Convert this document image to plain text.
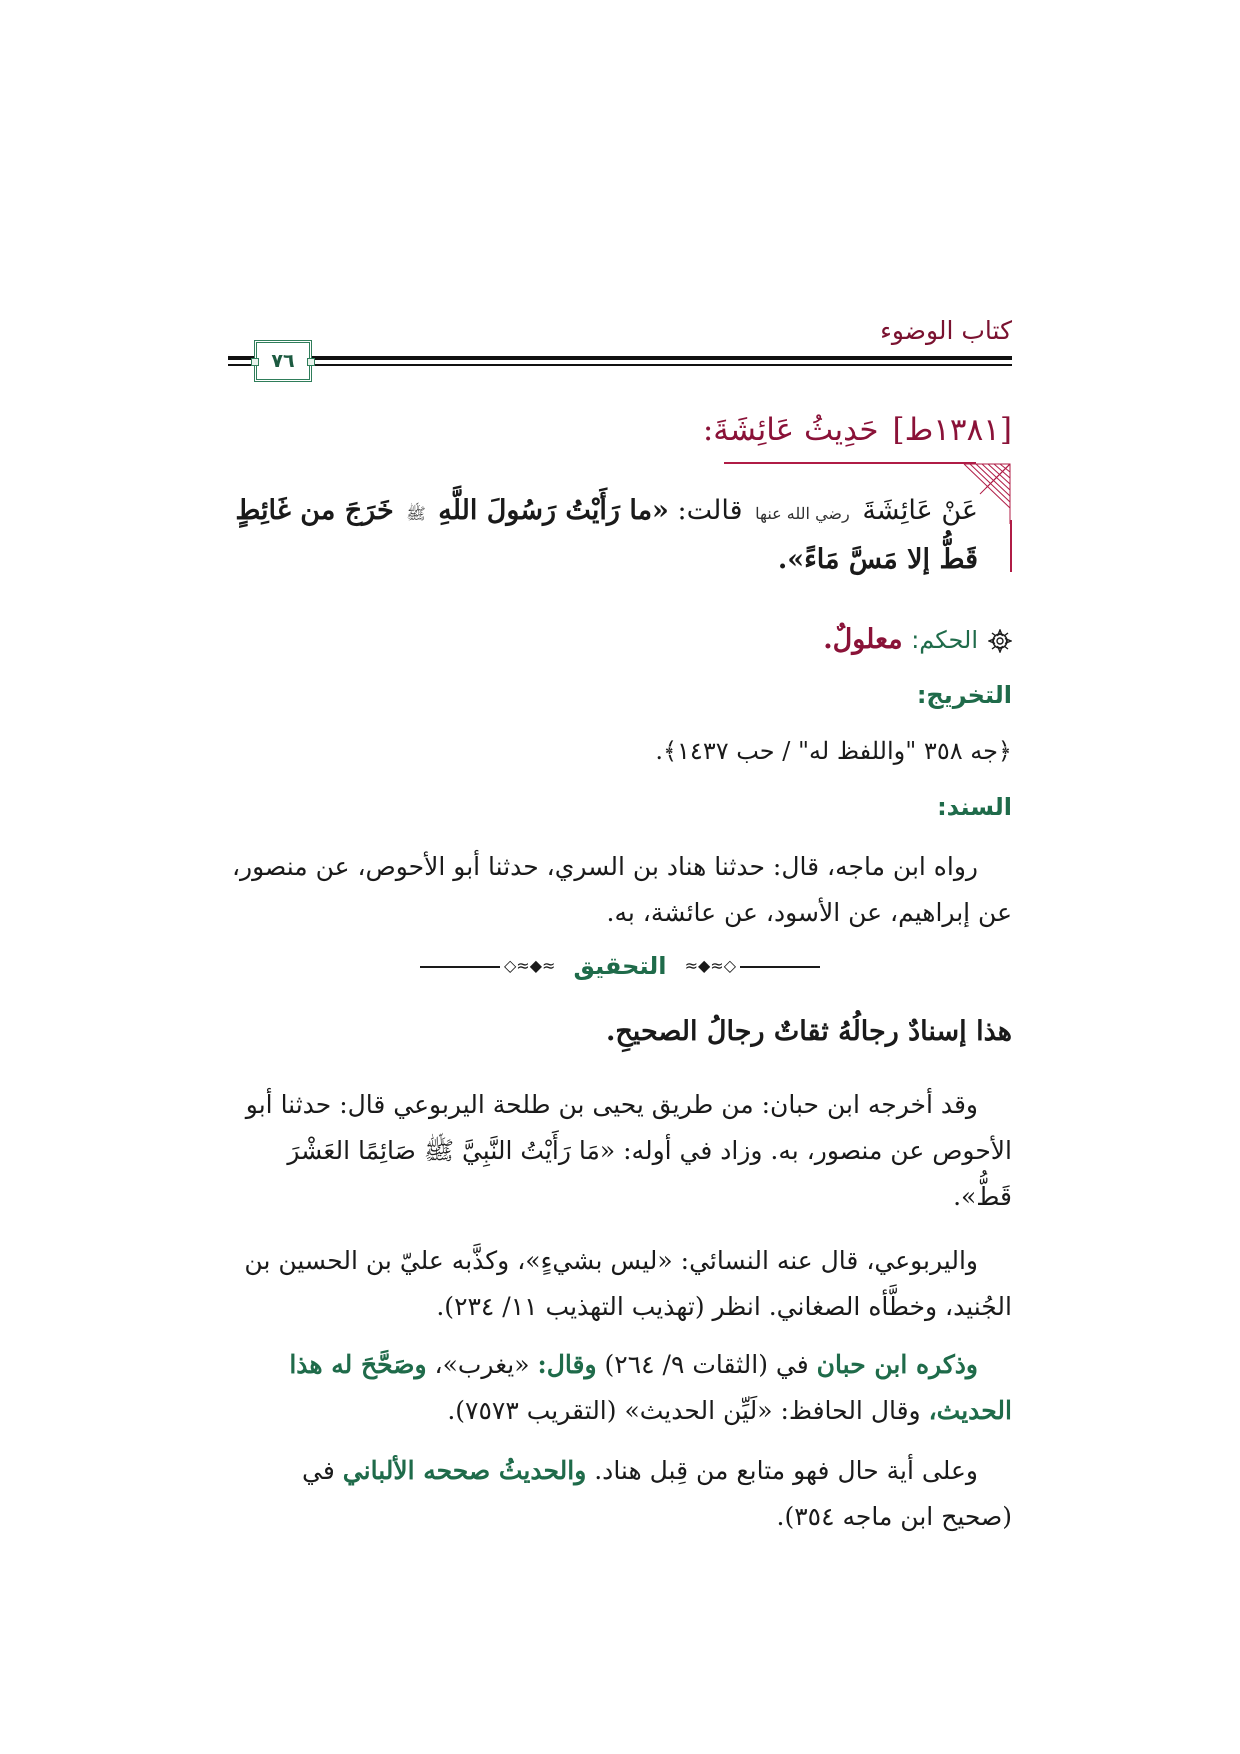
كتاب الوضوء
٧٦
[١٣٨١ط]حَدِيثُ عَائِشَةَ:
عَنْ عَائِشَةَ رضي الله عنها قالت: «ما رَأَيْتُ رَسُولَ اللَّهِ ﷺ خَرَجَ من غَائِطٍ قَطُّ إلا مَسَّ مَاءً».
الحكم: معلولٌ.
التخريج:
﴿جه ٣٥٨ "واللفظ له" / حب ١٤٣٧﴾.
السند:
رواه ابن ماجه، قال: حدثنا هناد بن السري، حدثنا أبو الأحوص، عن منصور، عن إبراهيم، عن الأسود، عن عائشة، به.
◇≈◆≈ التحقيق	≈◆≈◇
هذا إسنادٌ رجالُهُ ثقاتٌ رجالُ الصحيحِ.
وقد أخرجه ابن حبان: من طريق يحيى بن طلحة اليربوعي قال: حدثنا أبو الأحوص عن منصور، به. وزاد في أوله: «مَا رَأَيْتُ النَّبِيَّ ﷺ صَائِمًا العَشْرَ قَطُّ».
واليربوعي، قال عنه النسائي: «ليس بشيءٍ»، وكذَّبه عليّ بن الحسين بن الجُنيد، وخطَّأه الصغاني. انظر (تهذيب التهذيب ١١/ ٢٣٤).
وذكره ابن حبان في (الثقات ٩/ ٢٦٤) وقال: «يغرب»، وصَحَّحَ له هذا الحديث، وقال الحافظ: «لَيِّن الحديث» (التقريب ٧٥٧٣).
وعلى أية حال فهو متابع من قِبل هناد. والحديثُ صححه الألباني في (صحيح ابن ماجه ٣٥٤).
